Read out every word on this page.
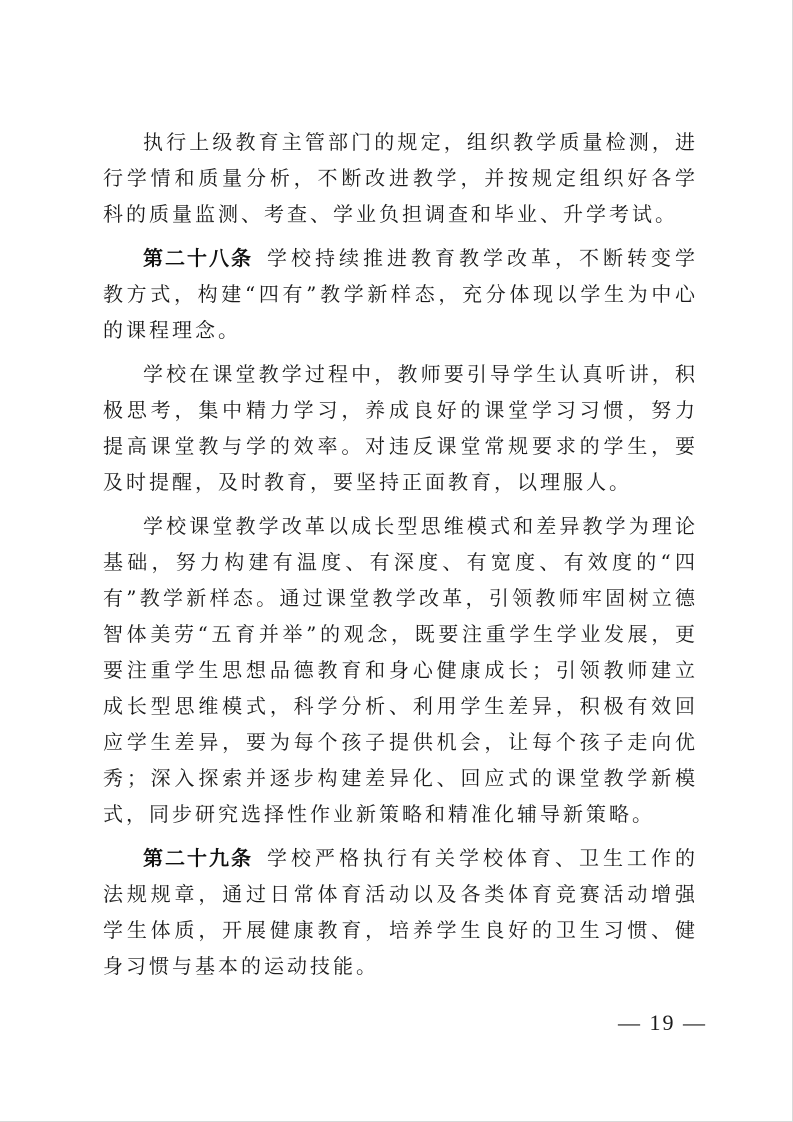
执行上级教育主管部门的规定，组织教学质量检测，进行学情和质量分析，不断改进教学，并按规定组织好各学科的质量监测、考查、学业负担调查和毕业、升学考试。

第二十八条 学校持续推进教育教学改革，不断转变学教方式，构建“四有”教学新样态，充分体现以学生为中心的课程理念。

学校在课堂教学过程中，教师要引导学生认真听讲，积极思考，集中精力学习，养成良好的课堂学习习惯，努力提高课堂教与学的效率。对违反课堂常规要求的学生，要及时提醒，及时教育，要坚持正面教育，以理服人。

学校课堂教学改革以成长型思维模式和差异教学为理论基础，努力构建有温度、有深度、有宽度、有效度的“四有”教学新样态。通过课堂教学改革，引领教师牢固树立德智体美劳“五育并举”的观念，既要注重学生学业发展，更要注重学生思想品德教育和身心健康成长；引领教师建立成长型思维模式，科学分析、利用学生差异，积极有效回应学生差异，要为每个孩子提供机会，让每个孩子走向优秀；深入探索并逐步构建差异化、回应式的课堂教学新模式，同步研究选择性作业新策略和精准化辅导新策略。

第二十九条 学校严格执行有关学校体育、卫生工作的法规规章，通过日常体育活动以及各类体育竞赛活动增强学生体质，开展健康教育，培养学生良好的卫生习惯、健身习惯与基本的运动技能。

— 19 —
